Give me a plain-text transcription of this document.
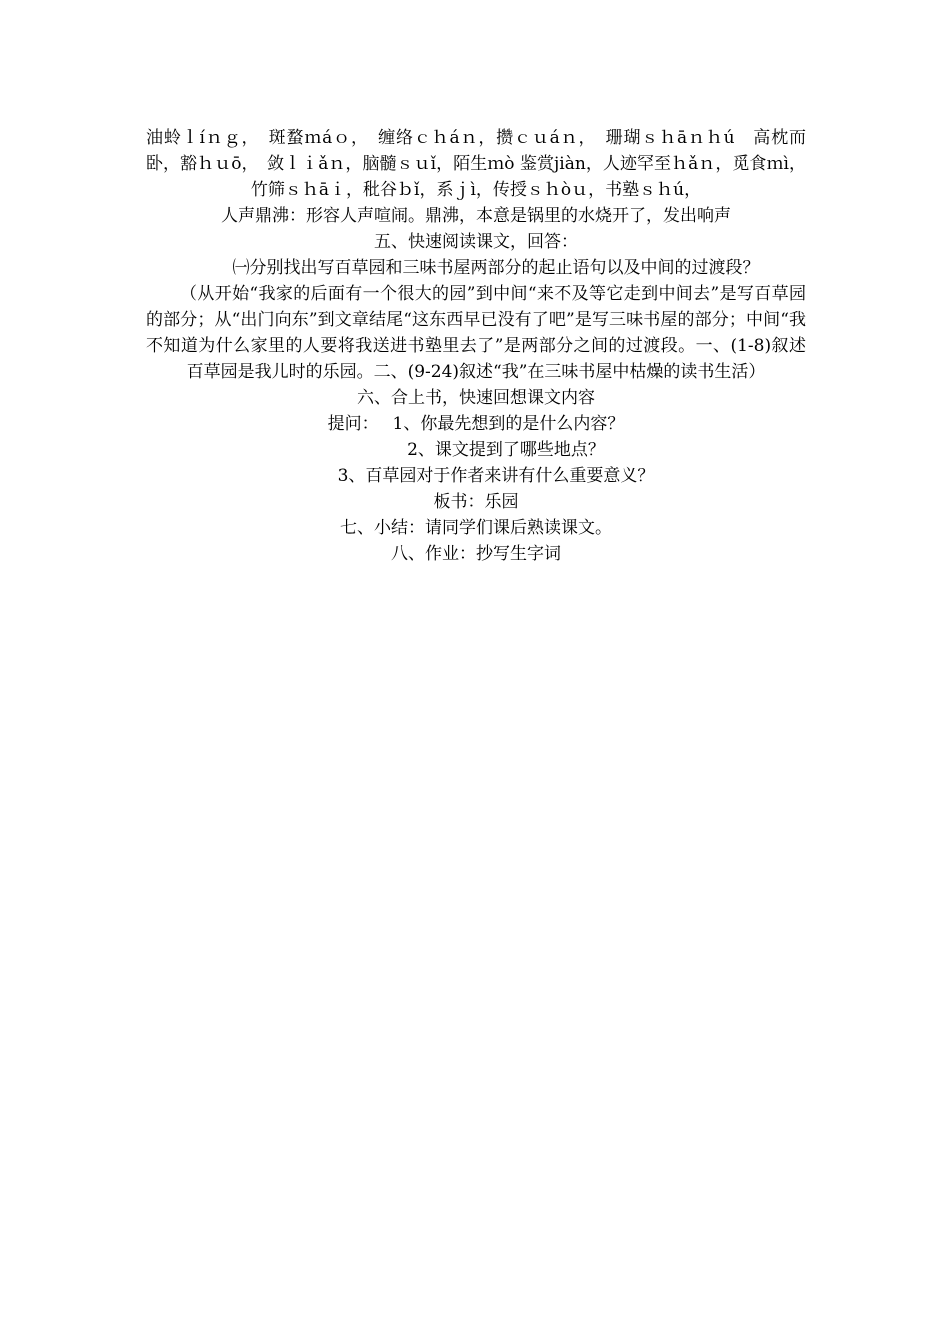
油蛉ｌíｎｇ，　斑蝥ｍáｏ，　缠络ｃｈáｎ，攒ｃｕáｎ，　珊瑚ｓｈāｎｈú　高枕而卧，豁ｈｕō，　敛ｌｉǎｎ，脑髓ｓｕǐ，陌生ｍò 鉴赏jiàn，人迹罕至ｈǎｎ，觅食ｍì，竹筛ｓｈāｉ，秕谷ｂǐ，系ｊì，传授ｓｈòｕ，书塾ｓｈú，

人声鼎沸：形容人声喧闹。鼎沸，本意是锅里的水烧开了，发出响声

五、快速阅读课文，回答：

㈠分别找出写百草园和三味书屋两部分的起止语句以及中间的过渡段？

（从开始“我家的后面有一个很大的园”到中间“来不及等它走到中间去”是写百草园的部分；从“出门向东”到文章结尾“这东西早已没有了吧”是写三味书屋的部分；中间“我不知道为什么家里的人要将我送进书塾里去了”是两部分之间的过渡段。一、(1-8)叙述百草园是我儿时的乐园。二、(9-24)叙述“我”在三味书屋中枯燥的读书生活）

六、合上书，快速回想课文内容

提问：　 1、你最先想到的是什么内容？

2、课文提到了哪些地点？

3、百草园对于作者来讲有什么重要意义？

板书：乐园

七、小结：请同学们课后熟读课文。

八、作业：抄写生字词
